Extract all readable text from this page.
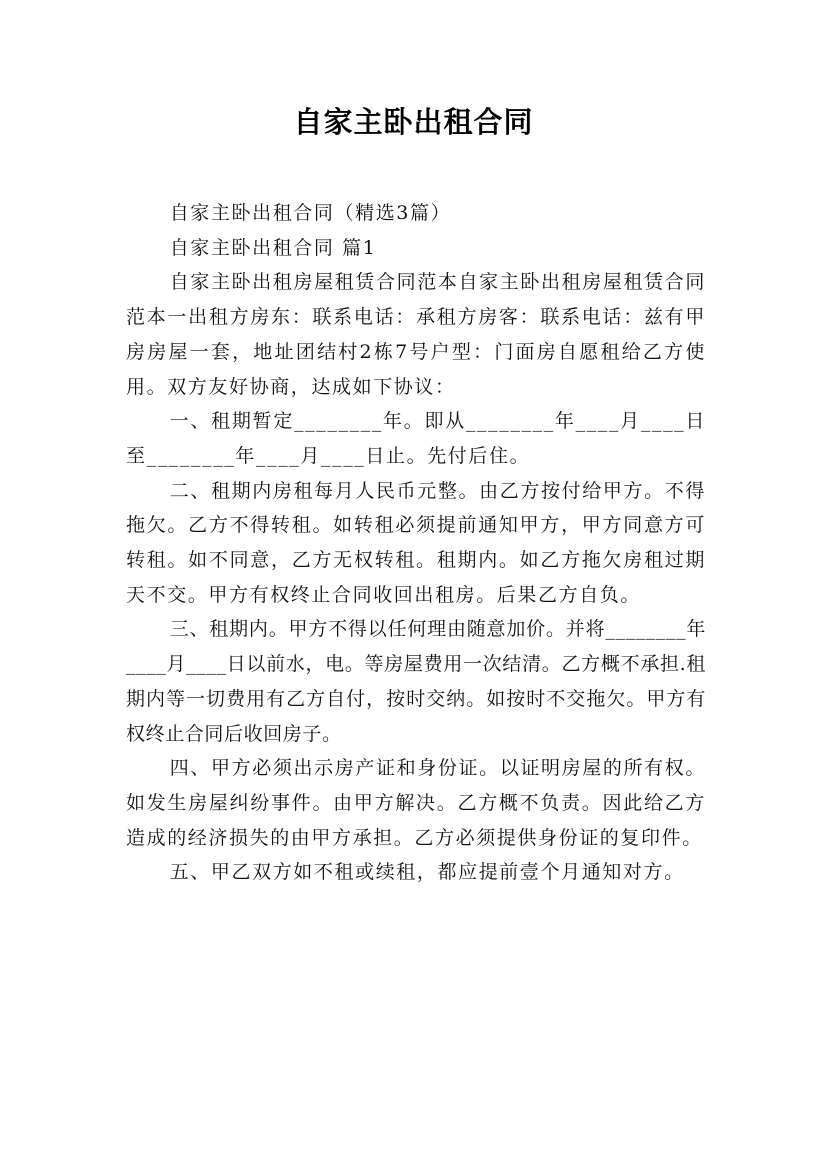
自家主卧出租合同

自家主卧出租合同（精选3篇）

自家主卧出租合同 篇1

自家主卧出租房屋租赁合同范本自家主卧出租房屋租赁合同范本一出租方房东：联系电话：承租方房客：联系电话：兹有甲房房屋一套，地址团结村2栋7号户型：门面房自愿租给乙方使用。双方友好协商，达成如下协议：

一、租期暂定________年。即从________年____月____日至________年____月____日止。先付后住。

二、租期内房租每月人民币元整。由乙方按付给甲方。不得拖欠。乙方不得转租。如转租必须提前通知甲方，甲方同意方可转租。如不同意，乙方无权转租。租期内。如乙方拖欠房租过期天不交。甲方有权终止合同收回出租房。后果乙方自负。

三、租期内。甲方不得以任何理由随意加价。并将________年____月____日以前水，电。等房屋费用一次结清。乙方概不承担.租期内等一切费用有乙方自付，按时交纳。如按时不交拖欠。甲方有权终止合同后收回房子。

四、甲方必须出示房产证和身份证。以证明房屋的所有权。如发生房屋纠纷事件。由甲方解决。乙方概不负责。因此给乙方造成的经济损失的由甲方承担。乙方必须提供身份证的复印件。

五、甲乙双方如不租或续租，都应提前壹个月通知对方。
